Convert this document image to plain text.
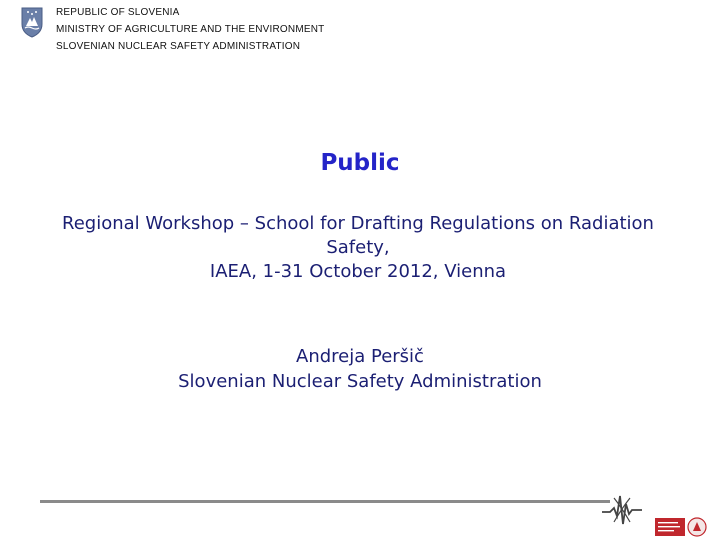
REPUBLIC OF SLOVENIA
MINISTRY OF AGRICULTURE AND THE ENVIRONMENT
SLOVENIAN NUCLEAR SAFETY ADMINISTRATION
Public
Regional Workshop – School for Drafting Regulations on Radiation
Safety,
IAEA, 1-31 October 2012, Vienna
Andreja Peršič
Slovenian Nuclear Safety Administration
